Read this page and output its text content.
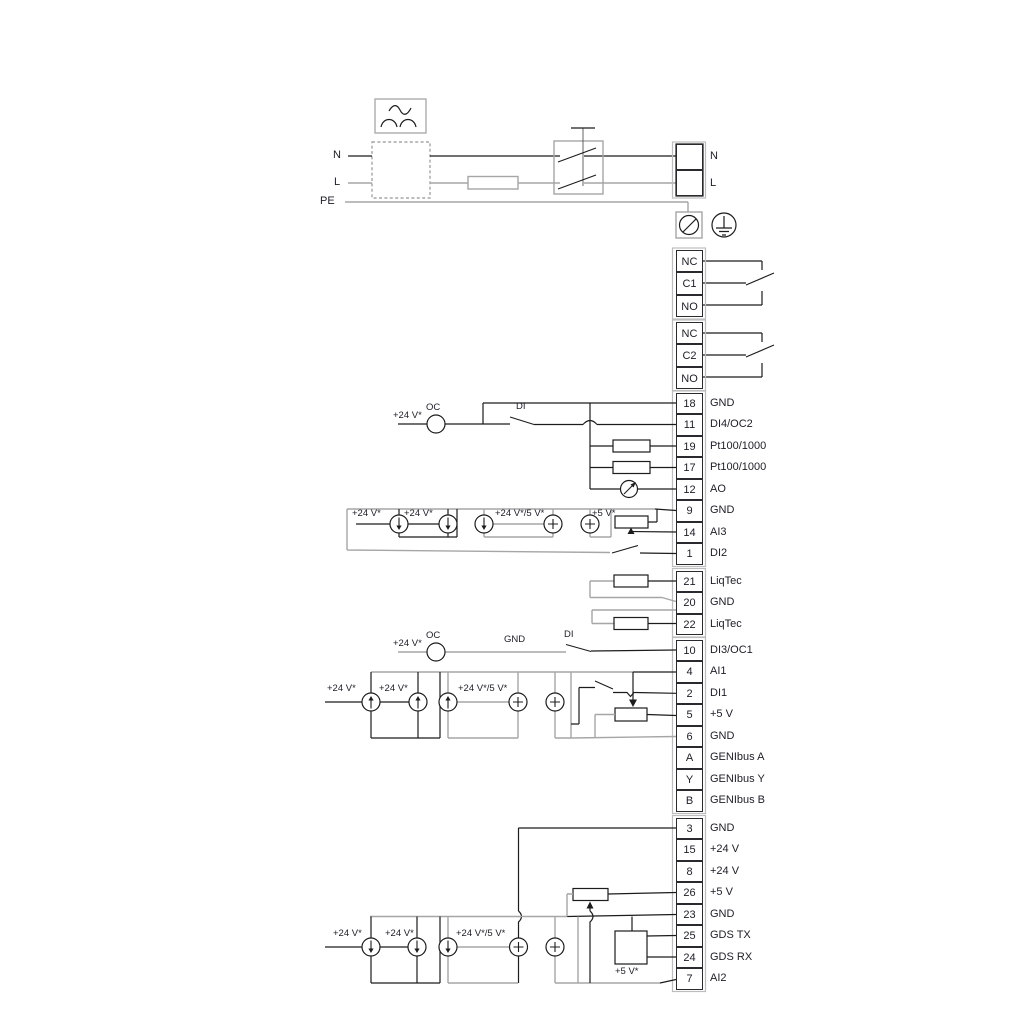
N
L
PE
N
L
+24 V*
OC	DI
+24 V* +24 V*	+24 V*/5 V*	+5 V*
+24 V*
OC	GND	DI
+24 V* +24 V*	+24 V*/5 V*
+24 V* +24 V*	+24 V*/5 V*
+5 V*
NC
C1
NO
NC
C2
NO
18	GND
11	DI4/OC2
19	Pt100/1000
17	Pt100/1000
12	AO
9	GND
14	AI3
1	DI2
21	LiqTec
20	GND
22	LiqTec
10	DI3/OC1
4	AI1
2	DI1
5	+5 V
6	GND
A	GENIbus A
Y	GENIbus Y
B	GENIbus B
3	GND
15	+24 V
8	+24 V
26	+5 V
23	GND
25	GDS TX
24	GDS RX
7	AI2
